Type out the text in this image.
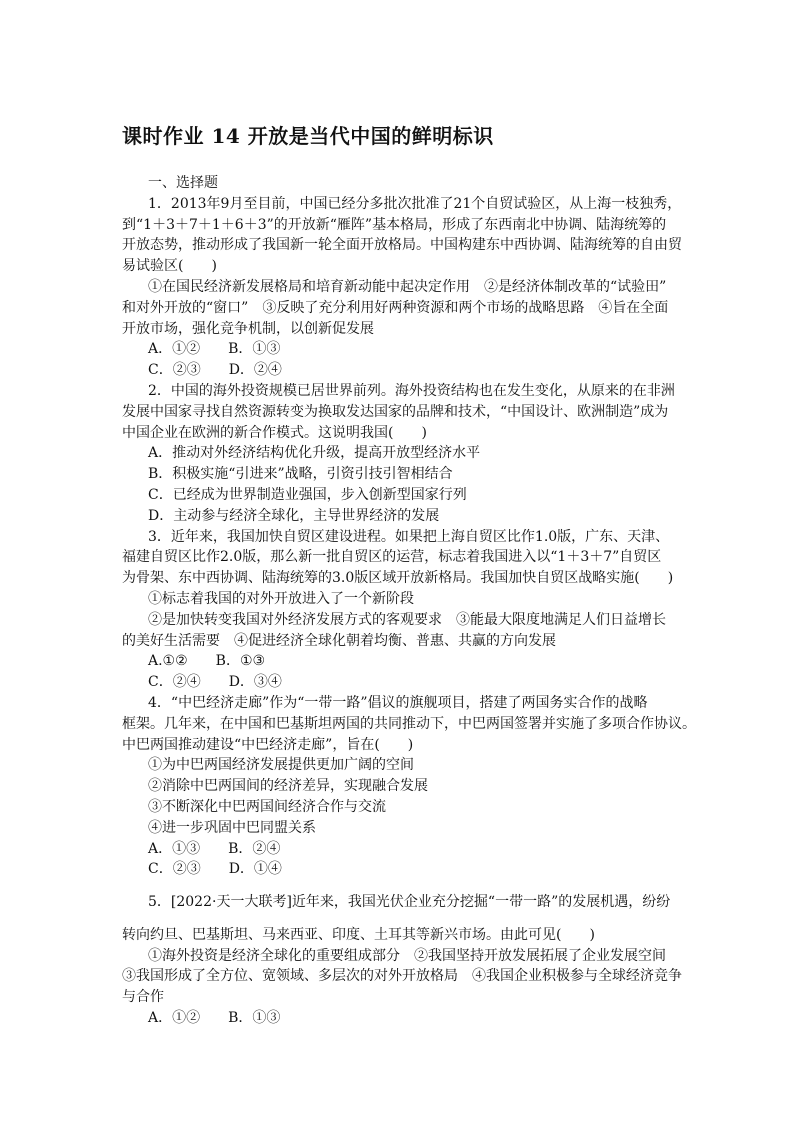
课时作业 14 开放是当代中国的鲜明标识
一、选择题
1．2013年9月至目前，中国已经分多批次批准了21个自贸试验区，从上海一枝独秀，
到“1＋3＋7＋1＋6＋3”的开放新“雁阵”基本格局，形成了东西南北中协调、陆海统筹的
开放态势，推动形成了我国新一轮全面开放格局。中国构建东中西协调、陆海统筹的自由贸
易试验区(　　)
①在国民经济新发展格局和培育新动能中起决定作用　②是经济体制改革的“试验田”
和对外开放的“窗口”　③反映了充分利用好两种资源和两个市场的战略思路　④旨在全面
开放市场，强化竞争机制，以创新促发展
A．①②　　B．①③
C．②③　　D．②④
2．中国的海外投资规模已居世界前列。海外投资结构也在发生变化，从原来的在非洲
发展中国家寻找自然资源转变为换取发达国家的品牌和技术，“中国设计、欧洲制造”成为
中国企业在欧洲的新合作模式。这说明我国(　　)
A．推动对外经济结构优化升级，提高开放型经济水平
B．积极实施“引进来”战略，引资引技引智相结合
C．已经成为世界制造业强国，步入创新型国家行列
D．主动参与经济全球化，主导世界经济的发展
3．近年来，我国加快自贸区建设进程。如果把上海自贸区比作1.0版，广东、天津、
福建自贸区比作2.0版，那么新一批自贸区的运营，标志着我国进入以“1＋3＋7”自贸区
为骨架、东中西协调、陆海统筹的3.0版区域开放新格局。我国加快自贸区战略实施(　　)
①标志着我国的对外开放进入了一个新阶段
②是加快转变我国对外经济发展方式的客观要求　③能最大限度地满足人们日益增长
的美好生活需要　④促进经济全球化朝着均衡、普惠、共赢的方向发展
A.①②　　B．①③
C．②④　　D．③④
4．“中巴经济走廊”作为“一带一路”倡议的旗舰项目，搭建了两国务实合作的战略
框架。几年来，在中国和巴基斯坦两国的共同推动下，中巴两国签署并实施了多项合作协议。
中巴两国推动建设“中巴经济走廊”，旨在(　　)
①为中巴两国经济发展提供更加广阔的空间
②消除中巴两国间的经济差异，实现融合发展
③不断深化中巴两国间经济合作与交流
④进一步巩固中巴同盟关系
A．①③　　B．②④
C．②③　　D．①④
5．[2022·天一大联考]近年来，我国光伏企业充分挖掘“一带一路”的发展机遇，纷纷
转向约旦、巴基斯坦、马来西亚、印度、土耳其等新兴市场。由此可见(　　)
①海外投资是经济全球化的重要组成部分　②我国坚持开放发展拓展了企业发展空间
③我国形成了全方位、宽领域、多层次的对外开放格局　④我国企业积极参与全球经济竞争
与合作
A．①②　　B．①③
